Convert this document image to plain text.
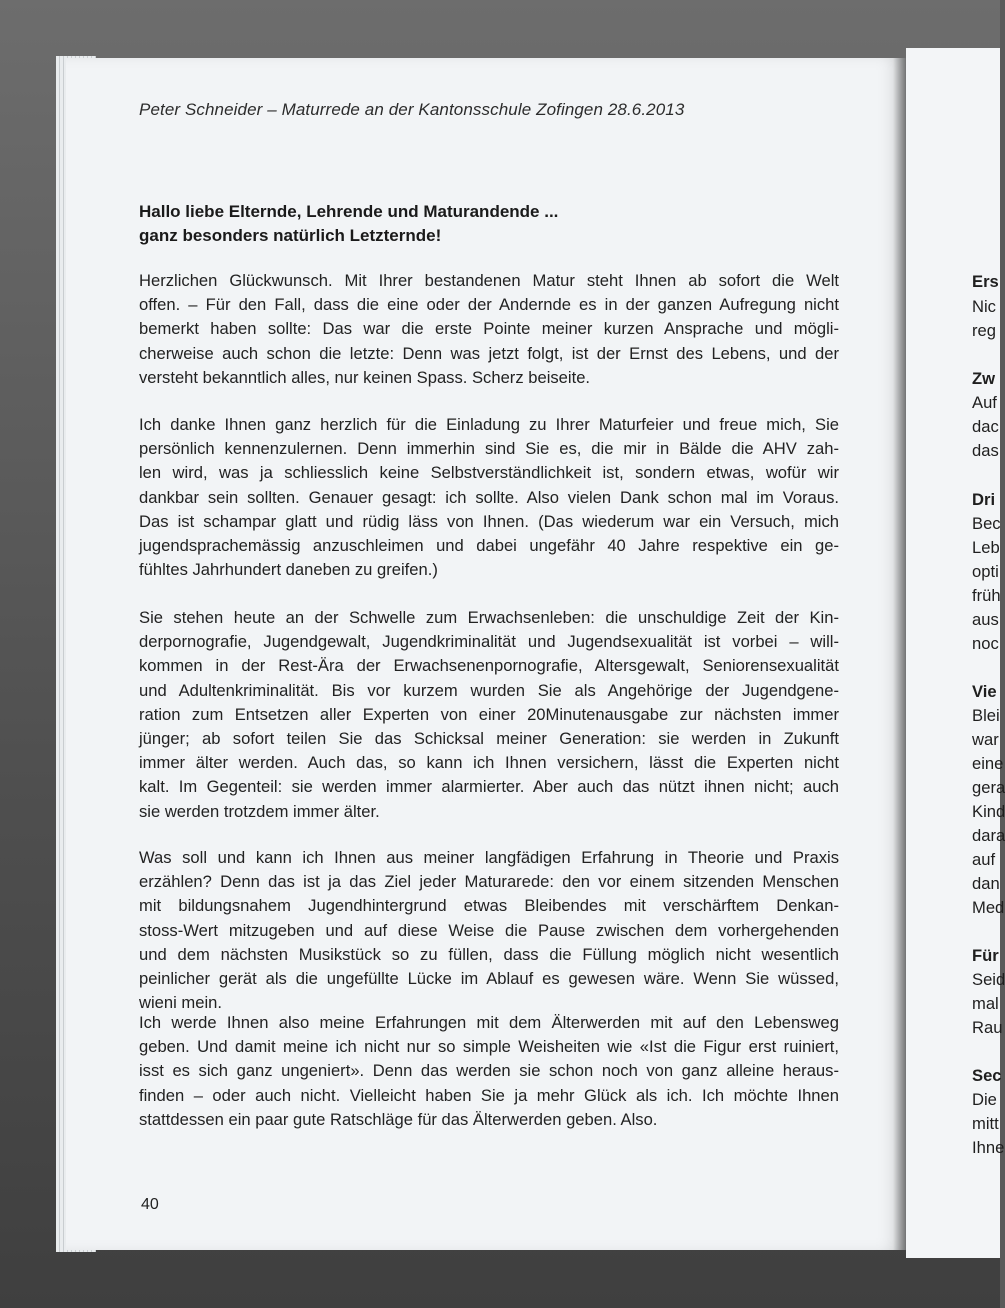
Peter Schneider – Maturrede an der Kantonsschule Zofingen 28.6.2013
Hallo liebe Elternde, Lehrende und Maturandende ...
ganz besonders natürlich Letzternde!
Herzlichen Glückwunsch. Mit Ihrer bestandenen Matur steht Ihnen ab sofort die Welt
offen. – Für den Fall, dass die eine oder der Andernde es in der ganzen Aufregung nicht
bemerkt haben sollte: Das war die erste Pointe meiner kurzen Ansprache und mögli-
cherweise auch schon die letzte: Denn was jetzt folgt, ist der Ernst des Lebens, und der
versteht bekanntlich alles, nur keinen Spass. Scherz beiseite.
Ich danke Ihnen ganz herzlich für die Einladung zu Ihrer Maturfeier und freue mich, Sie
persönlich kennenzulernen. Denn immerhin sind Sie es, die mir in Bälde die AHV zah-
len wird, was ja schliesslich keine Selbstverständlichkeit ist, sondern etwas, wofür wir
dankbar sein sollten. Genauer gesagt: ich sollte. Also vielen Dank schon mal im Voraus.
Das ist schampar glatt und rüdig läss von Ihnen. (Das wiederum war ein Versuch, mich
jugendsprachemässig anzuschleimen und dabei ungefähr 40 Jahre respektive ein ge-
fühltes Jahrhundert daneben zu greifen.)
Sie stehen heute an der Schwelle zum Erwachsenleben: die unschuldige Zeit der Kin-
derpornografie, Jugendgewalt, Jugendkriminalität und Jugendsexualität ist vorbei – will-
kommen in der Rest-Ära der Erwachsenenpornografie, Altersgewalt, Seniorensexualität
und Adultenkriminalität. Bis vor kurzem wurden Sie als Angehörige der Jugendgene-
ration zum Entsetzen aller Experten von einer 20Minutenausgabe zur nächsten immer
jünger; ab sofort teilen Sie das Schicksal meiner Generation: sie werden in Zukunft
immer älter werden. Auch das, so kann ich Ihnen versichern, lässt die Experten nicht
kalt. Im Gegenteil: sie werden immer alarmierter. Aber auch das nützt ihnen nicht; auch
sie werden trotzdem immer älter.
Was soll und kann ich Ihnen aus meiner langfädigen Erfahrung in Theorie und Praxis
erzählen? Denn das ist ja das Ziel jeder Maturarede: den vor einem sitzenden Menschen
mit bildungsnahem Jugendhintergrund etwas Bleibendes mit verschärftem Denkan-
stoss-Wert mitzugeben und auf diese Weise die Pause zwischen dem vorhergehenden
und dem nächsten Musikstück so zu füllen, dass die Füllung möglich nicht wesentlich
peinlicher gerät als die ungefüllte Lücke im Ablauf es gewesen wäre. Wenn Sie wüssed,
wieni mein.
Ich werde Ihnen also meine Erfahrungen mit dem Älterwerden mit auf den Lebensweg
geben. Und damit meine ich nicht nur so simple Weisheiten wie «Ist die Figur erst ruiniert,
isst es sich ganz ungeniert». Denn das werden sie schon noch von ganz alleine heraus-
finden – oder auch nicht. Vielleicht haben Sie ja mehr Glück als ich. Ich möchte Ihnen
stattdessen ein paar gute Ratschläge für das Älterwerden geben. Also.
40
Ers
Nic
reg
Zw
Auf
dac
das
Dri
Bec
Leb
opti
früh
aus
noc
Vie
Blei
war
eine
gera
Kind
dara
auf
dan
Med
Für
Seid
mal
Rau
Sec
Die
mitt
Ihne
